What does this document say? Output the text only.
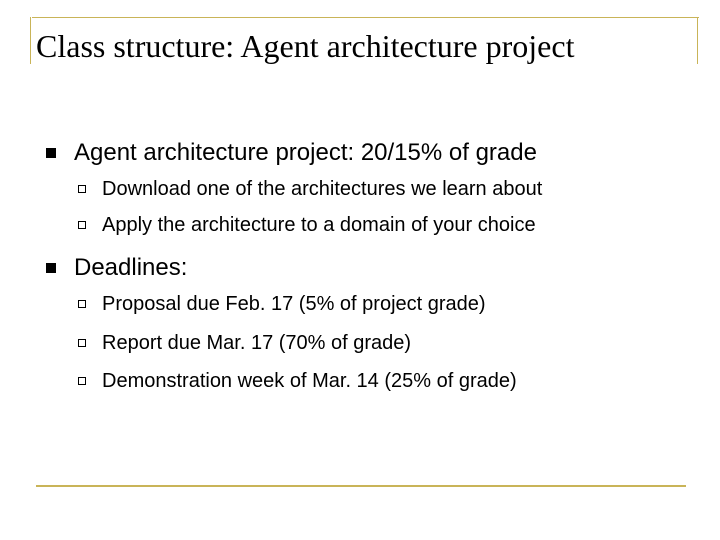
Class structure: Agent architecture project
Agent architecture project: 20/15% of grade
Download one of the architectures we learn about
Apply the architecture to a domain of your choice
Deadlines:
Proposal due Feb. 17 (5% of project grade)
Report due Mar. 17 (70% of grade)
Demonstration week of Mar. 14 (25% of grade)
